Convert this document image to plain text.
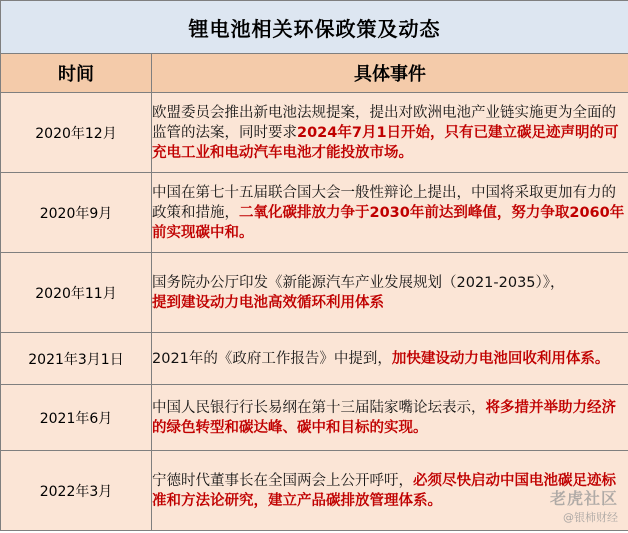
锂电池相关环保政策及动态	
时间	具体事件
2020年12月	欧盟委员会推出新电池法规提案，提出对欧洲电池产业链实施更为全面的监管的法案，同时要求2024年7月1日开始，只有已建立碳足迹声明的可充电工业和电动汽车电池才能投放市场。
2020年9月	中国在第七十五届联合国大会一般性辩论上提出，中国将采取更加有力的政策和措施，二氧化碳排放力争于2030年前达到峰值，努力争取2060年前实现碳中和。
2020年11月	国务院办公厅印发《新能源汽车产业发展规划（2021-2035）》，
提到建设动力电池高效循环利用体系
2021年3月1日	2021年的《政府工作报告》中提到，加快建设动力电池回收利用体系。
2021年6月	中国人民银行行长易纲在第十三届陆家嘴论坛表示，将多措并举助力经济的绿色转型和碳达峰、碳中和目标的实现。
2022年3月	宁德时代董事长在全国两会上公开呼吁，必须尽快启动中国电池碳足迹标准和方法论研究，建立产品碳排放管理体系。	老虎社区
@银柿财经
